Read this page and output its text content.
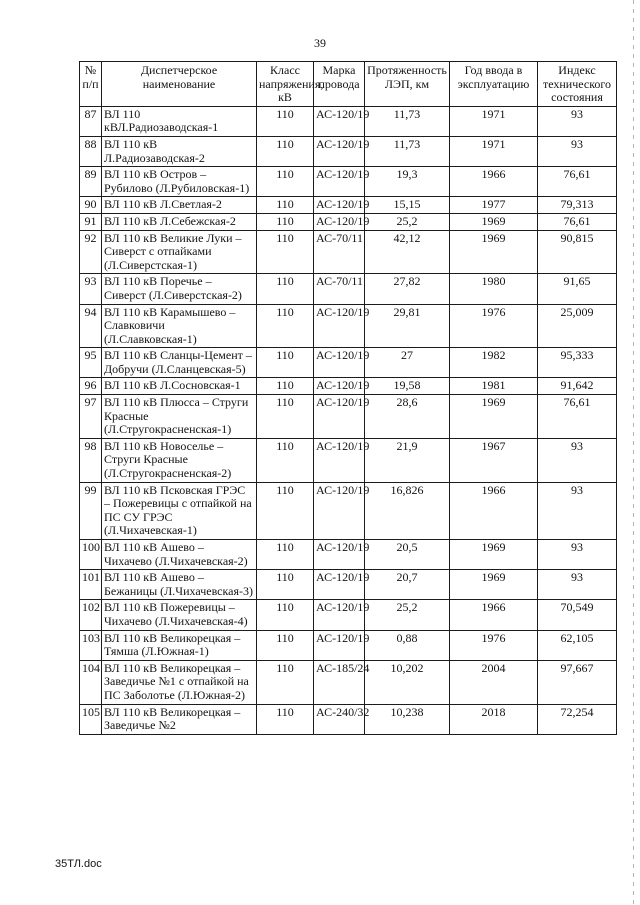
39
№ п/п	Диспетчерское наименование	Класс напряжения, кВ	Марка провода	Протяженность ЛЭП, км	Год ввода в эксплуатацию	Индекс технического состояния
87	ВЛ 110 кВЛ.Радиозаводская-1	110	АС-120/19	11,73	1971	93
88	ВЛ 110 кВ Л.Радиозаводская-2	110	АС-120/19	11,73	1971	93
89	ВЛ 110 кВ Остров – Рубилово (Л.Рубиловская-1)	110	АС-120/19	19,3	1966	76,61
90	ВЛ 110 кВ Л.Светлая-2	110	АС-120/19	15,15	1977	79,313
91	ВЛ 110 кВ Л.Себежская-2	110	АС-120/19	25,2	1969	76,61
92	ВЛ 110 кВ Великие Луки – Сиверст с отпайками (Л.Сиверстская-1)	110	АС-70/11	42,12	1969	90,815
93	ВЛ 110 кВ Поречье – Сиверст (Л.Сиверстская-2)	110	АС-70/11	27,82	1980	91,65
94	ВЛ 110 кВ Карамышево – Славковичи (Л.Славковская-1)	110	АС-120/19	29,81	1976	25,009
95	ВЛ 110 кВ Сланцы-Цемент – Добручи (Л.Сланцевская-5)	110	АС-120/19	27	1982	95,333
96	ВЛ 110 кВ Л.Сосновская-1	110	АС-120/19	19,58	1981	91,642
97	ВЛ 110 кВ Плюсса – Струги Красные (Л.Стругокрасненская-1)	110	АС-120/19	28,6	1969	76,61
98	ВЛ 110 кВ Новоселье – Струги Красные (Л.Стругокрасненская-2)	110	АС-120/19	21,9	1967	93
99	ВЛ 110 кВ Псковская ГРЭС – Пожеревицы с отпайкой на ПС СУ ГРЭС (Л.Чихачевская-1)	110	АС-120/19	16,826	1966	93
100	ВЛ 110 кВ Ашево – Чихачево (Л.Чихачевская-2)	110	АС-120/19	20,5	1969	93
101	ВЛ 110 кВ Ашево – Бежаницы (Л.Чихачевская-3)	110	АС-120/19	20,7	1969	93
102	ВЛ 110 кВ Пожеревицы – Чихачево (Л.Чихачевская-4)	110	АС-120/19	25,2	1966	70,549
103	ВЛ 110 кВ Великорецкая – Тямша (Л.Южная-1)	110	АС-120/19	0,88	1976	62,105
104	ВЛ 110 кВ Великорецкая – Заведичье №1 с отпайкой на ПС Заболотье (Л.Южная-2)	110	АС-185/24	10,202	2004	97,667
105	ВЛ 110 кВ Великорецкая – Заведичье №2	110	АС-240/32	10,238	2018	72,254
35ТЛ.doc
